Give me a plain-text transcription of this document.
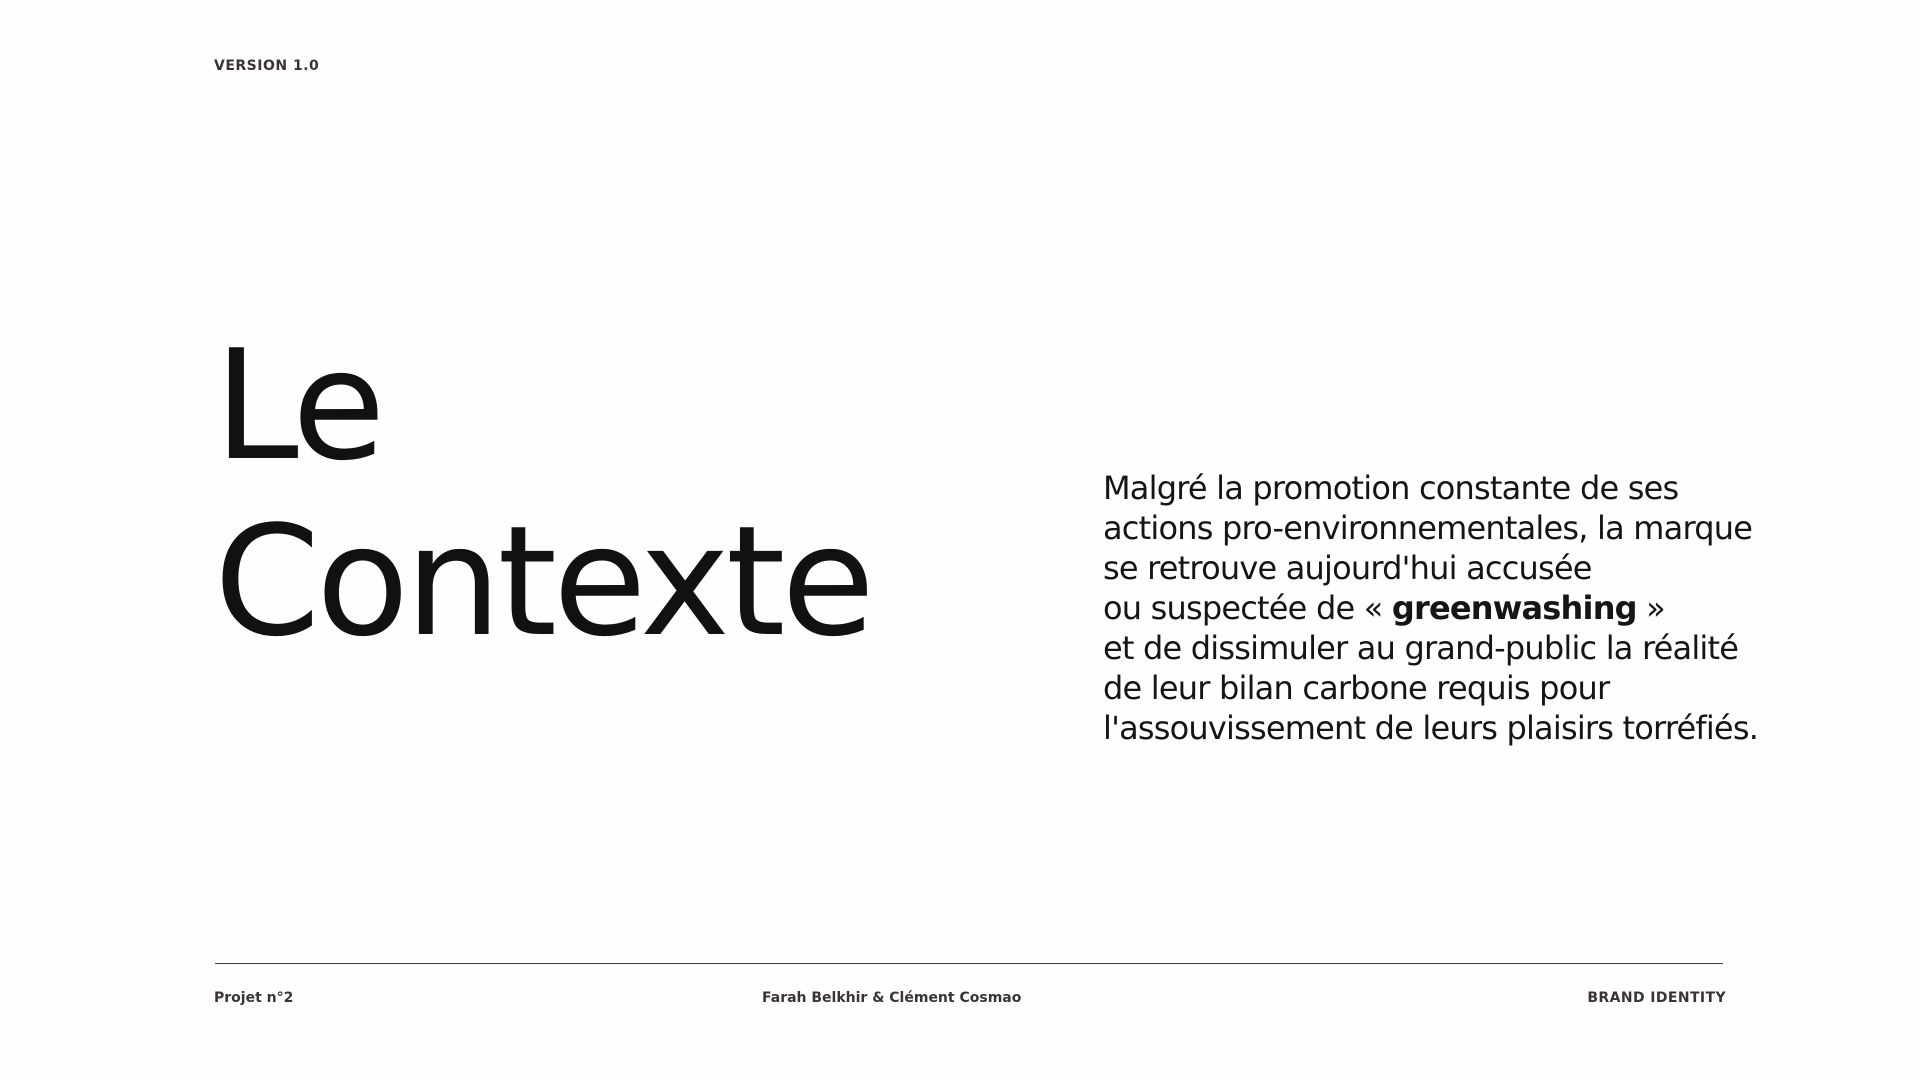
VERSION 1.0
Le
Contexte
Malgré la promotion constante de ses
actions pro-environnementales, la marque
se retrouve aujourd'hui accusée
ou suspectée de « greenwashing »
et de dissimuler au grand-public la réalité
de leur bilan carbone requis pour
l'assouvissement de leurs plaisirs torréfiés.
Projet n°2	Farah Belkhir & Clément Cosmao	BRAND IDENTITY
